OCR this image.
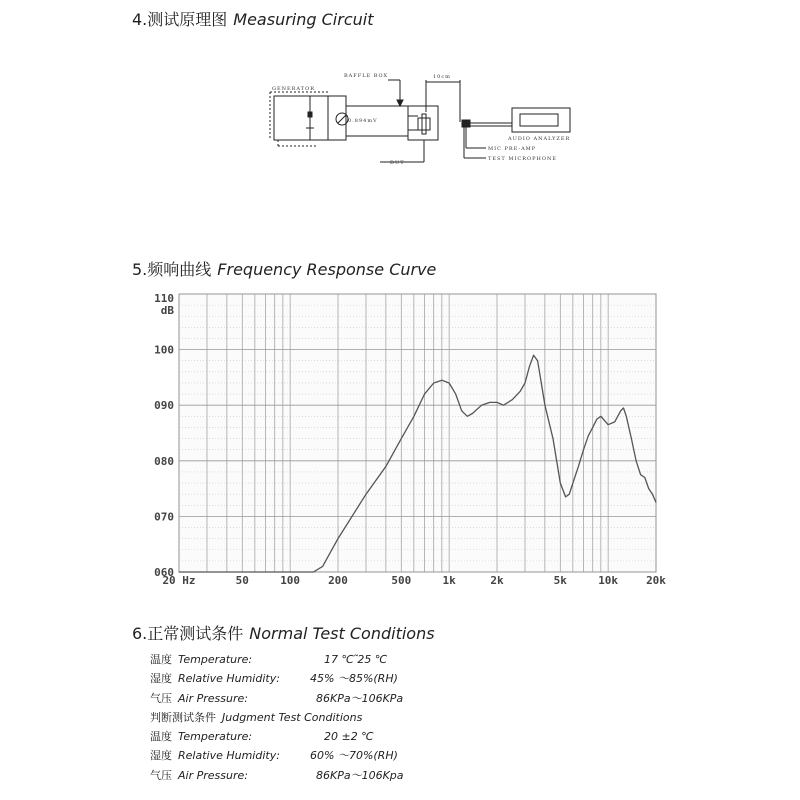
4.测试原理图 Measuring Circuit
GENERATOR
BAFFLE BOX	10cm
0.894mV
DUT
AUDIO ANALYZER
MIC PRE-AMP
TEST MICROPHONE
5.频响曲线 Frequency Response Curve
060
070
080
090
100
110
dB
20 Hz	50	100	200	500	1k	2k	5k	10k	20k
6.正常测试条件 Normal Test Conditions
温度 Temperature:	17 ℃ ̃25 ℃
湿度 Relative Humidity:	45% ～85%(RH)
气压 Air Pressure:	86KPa～106KPa
判断测试条件 Judgment Test Conditions
温度 Temperature:	20 ±2 ℃
湿度 Relative Humidity:	60% ～70%(RH)
气压 Air Pressure:	86KPa～106Kpa
